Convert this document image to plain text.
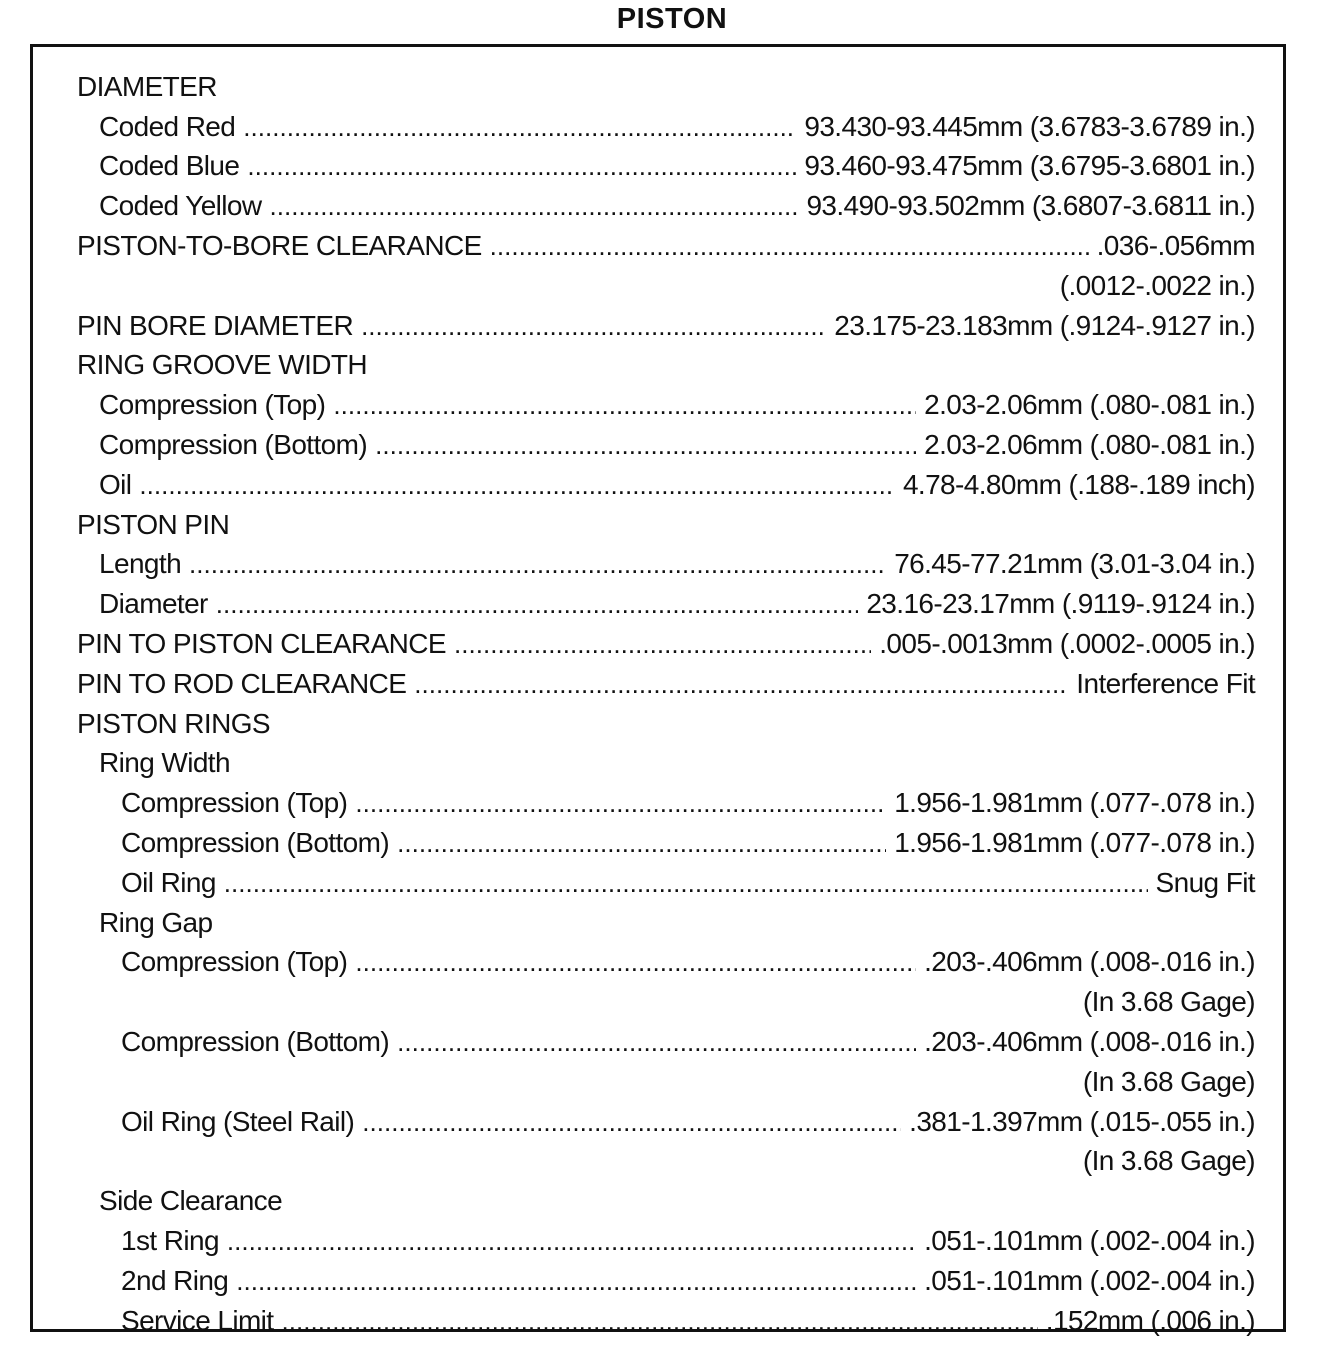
PISTON
DIAMETER
Coded Red . . .	93.430-93.445mm (3.6783-3.6789 in.)
Coded Blue . . .	93.460-93.475mm (3.6795-3.6801 in.)
Coded Yellow . . .	93.490-93.502mm (3.6807-3.6811 in.)
PISTON-TO-BORE CLEARANCE . . .	.036-.056mm
(.0012-.0022 in.)
PIN BORE DIAMETER . . .	23.175-23.183mm (.9124-.9127 in.)
RING GROOVE WIDTH
Compression (Top) . . .	2.03-2.06mm (.080-.081 in.)
Compression (Bottom) . . .	2.03-2.06mm (.080-.081 in.)
Oil . . .	4.78-4.80mm (.188-.189 inch)
PISTON PIN
Length . . .	76.45-77.21mm (3.01-3.04 in.)
Diameter . . .	23.16-23.17mm (.9119-.9124 in.)
PIN TO PISTON CLEARANCE . . .	.005-.0013mm (.0002-.0005 in.)
PIN TO ROD CLEARANCE . . .	Interference Fit
PISTON RINGS
Ring Width
Compression (Top) . . .	1.956-1.981mm (.077-.078 in.)
Compression (Bottom) . . .	1.956-1.981mm (.077-.078 in.)
Oil Ring . . .	Snug Fit
Ring Gap
Compression (Top) . . .	.203-.406mm (.008-.016 in.)
(In 3.68 Gage)
Compression (Bottom) . . .	.203-.406mm (.008-.016 in.)
(In 3.68 Gage)
Oil Ring (Steel Rail) . . .	.381-1.397mm (.015-.055 in.)
(In 3.68 Gage)
Side Clearance
1st Ring . . .	.051-.101mm (.002-.004 in.)
2nd Ring . . .	.051-.101mm (.002-.004 in.)
Service Limit . . .	.152mm (.006 in.)
